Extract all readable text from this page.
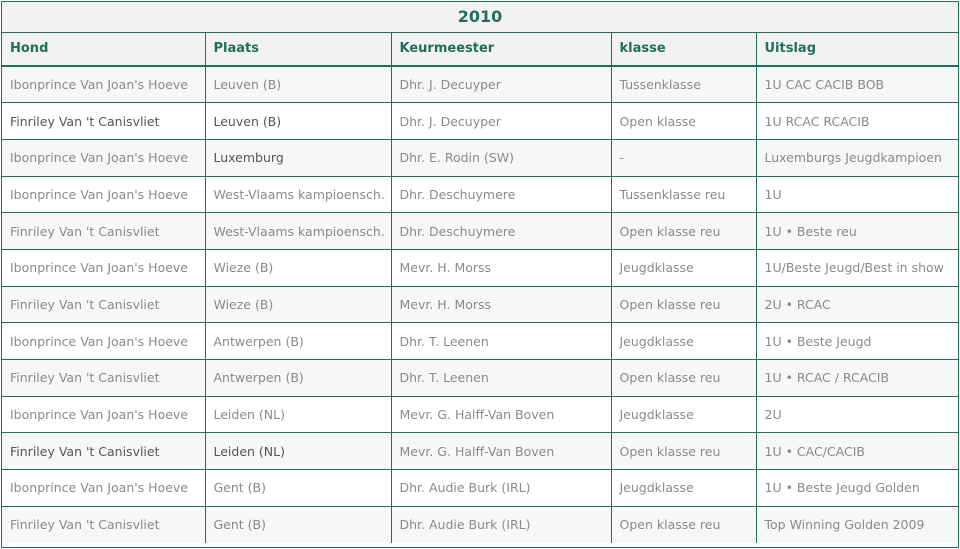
2010				
Hond	Plaats	Keurmeester	klasse	Uitslag
Ibonprince Van Joan's Hoeve	Leuven (B)	Dhr. J. Decuyper	Tussenklasse	1U CAC CACIB BOB
Finriley Van 't Canisvliet	Leuven (B)	Dhr. J. Decuyper	Open klasse	1U RCAC RCACIB
Ibonprince Van Joan's Hoeve	Luxemburg	Dhr. E. Rodin (SW)	-	Luxemburgs Jeugdkampioen
Ibonprince Van Joan's Hoeve	West-Vlaams kampioensch.	Dhr. Deschuymere	Tussenklasse reu	1U
Finriley Van 't Canisvliet	West-Vlaams kampioensch.	Dhr. Deschuymere	Open klasse reu	1U • Beste reu
Ibonprince Van Joan's Hoeve	Wieze (B)	Mevr. H. Morss	Jeugdklasse	1U/Beste Jeugd/Best in show
Finriley Van 't Canisvliet	Wieze (B)	Mevr. H. Morss	Open klasse reu	2U • RCAC
Ibonprince Van Joan's Hoeve	Antwerpen (B)	Dhr. T. Leenen	Jeugdklasse	1U • Beste Jeugd
Finriley Van 't Canisvliet	Antwerpen (B)	Dhr. T. Leenen	Open klasse reu	1U • RCAC / RCACIB
Ibonprince Van Joan's Hoeve	Leiden (NL)	Mevr. G. Halff-Van Boven	Jeugdklasse	2U
Finriley Van 't Canisvliet	Leiden (NL)	Mevr. G. Halff-Van Boven	Open klasse reu	1U • CAC/CACIB
Ibonprince Van Joan's Hoeve	Gent (B)	Dhr. Audie Burk (IRL)	Jeugdklasse	1U • Beste Jeugd Golden
Finriley Van 't Canisvliet	Gent (B)	Dhr. Audie Burk (IRL)	Open klasse reu	Top Winning Golden 2009
